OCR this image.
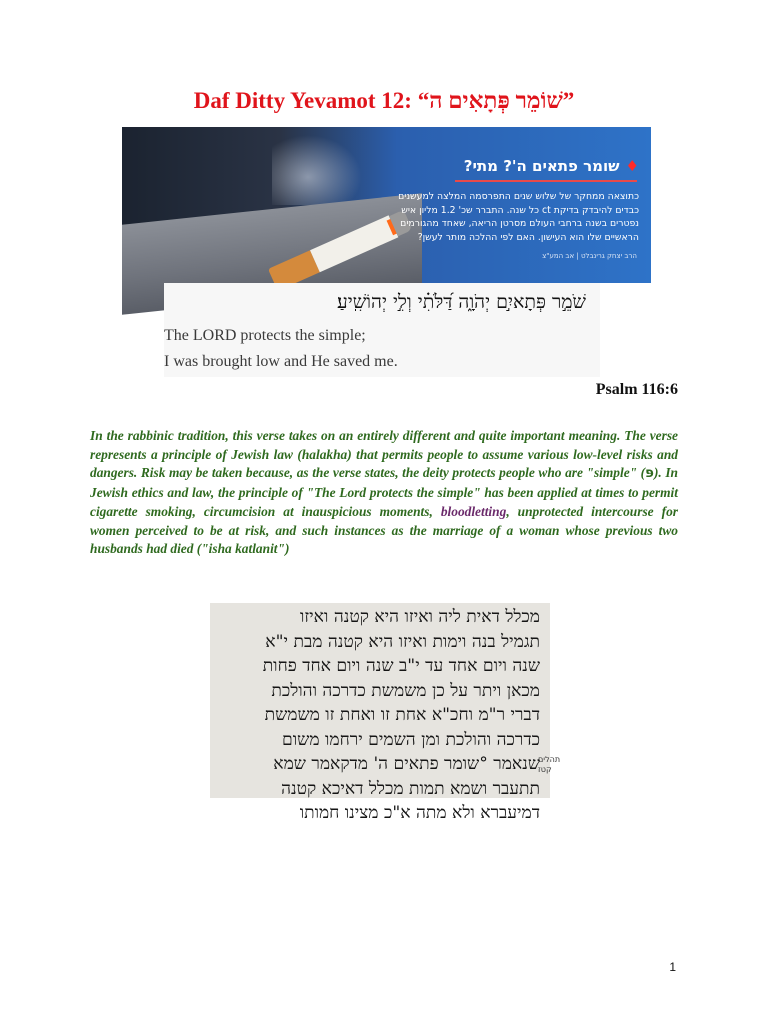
Daf Ditty Yevamot 12: “שׁוֹמֵר פְּתָאִים ה”
♦שומר פתאים ה'? מתי?
כתוצאה ממחקר של שלוש שנים התפרסמה המלצה למעשנים כבדים להיבדק בדיקת ct כל שנה. התברר שכ' 1.2 מליון איש נפטרים בשנה ברחבי העולם מסרטן הריאה, שאחד מהגורמים הראשיים שלו הוא העישון. האם לפי ההלכה מותר לעשן?
הרב יצחק גרינבלט | אב המע"צ
שֹׁמֵ֣ר פְּתָאיִ֣ם יְהֹוָ֑ה דַּ֝לֹּתִ֗י וְלִ֣י יְהוֹשִֽׁיעַ׃
The LORD protects the simple;
I was brought low and He saved me.
Psalm 116:6
In the rabbinic tradition, this verse takes on an entirely different and quite important meaning. The verse represents a principle of Jewish law (halakha) that permits people to assume various low-level risks and dangers. Risk may be taken because, as the verse states, the deity protects people who are "simple" (פּ). In Jewish ethics and law, the principle of "The Lord protects the simple" has been applied at times to permit cigarette smoking, circumcision at inauspicious moments, bloodletting, unprotected intercourse for women perceived to be at risk, and such instances as the marriage of a woman whose previous two husbands had died ("isha katlanit")
מכלל דאית ליה ואיזו היא קטנה ואיזו
תגמיל בנה וימות ואיזו היא קטנה מבת י"א
שנה ויום אחד עד י"ב שנה ויום אחד פחות
מכאן ויתר על כן משמשת כדרכה והולכת
דברי ר"מ וחכ"א אחת זו ואחת זו משמשת
כדרכה והולכת ומן השמים ירחמו משום
שנאמר °שומר פתאים ה' מדקאמר שמא
תתעבר ושמא תמות מכלל דאיכא קטנה
דמיעברא ולא מתה א"כ מצינו חמותו
תהלים קטז
1
